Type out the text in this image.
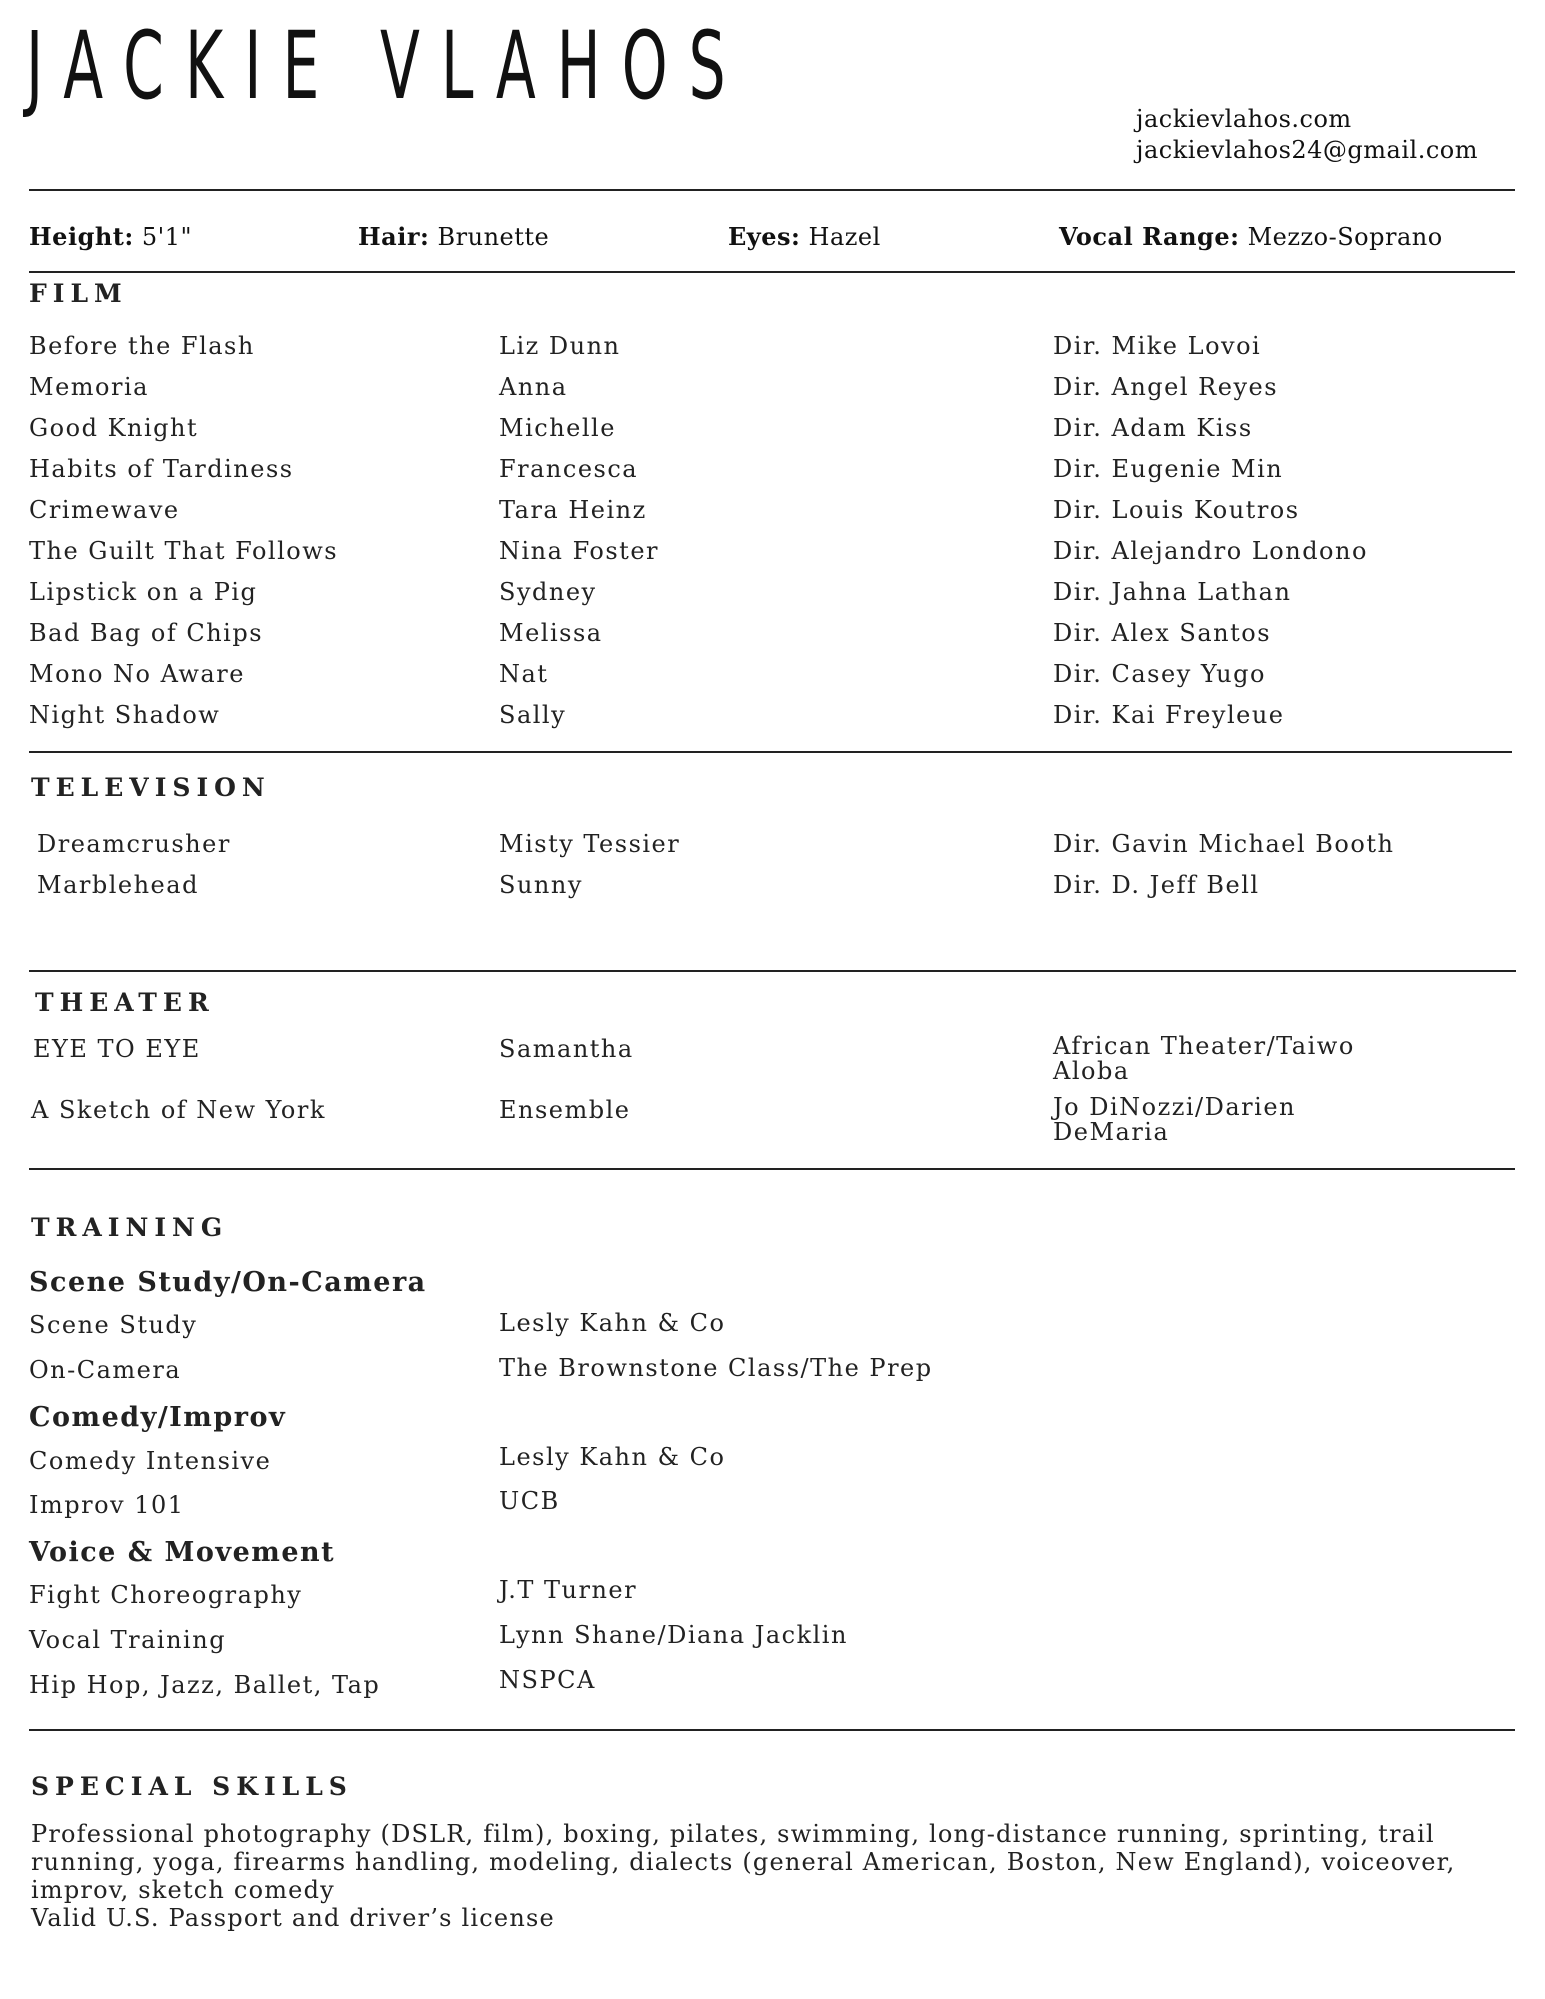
JACKIE VLAHOS	jackievlahos.com
jackievlahos24@gmail.com
Height: 5'1"	Hair: Brunette	Eyes: Hazel	Vocal Range: Mezzo-Soprano
FILM
Before the Flash	Liz Dunn	Dir. Mike Lovoi
Memoria	Anna	Dir. Angel Reyes
Good Knight	Michelle	Dir. Adam Kiss
Habits of Tardiness	Francesca	Dir. Eugenie Min
Crimewave	Tara Heinz	Dir. Louis Koutros
The Guilt That Follows	Nina Foster	Dir. Alejandro Londono
Lipstick on a Pig	Sydney	Dir. Jahna Lathan
Bad Bag of Chips	Melissa	Dir. Alex Santos
Mono No Aware	Nat	Dir. Casey Yugo
Night Shadow	Sally	Dir. Kai Freyleue
TELEVISION
Dreamcrusher	Misty Tessier	Dir. Gavin Michael Booth
Marblehead	Sunny	Dir. D. Jeff Bell
THEATER
EYE TO EYE	Samantha	African Theater/Taiwo Aloba
A Sketch of New York	Ensemble	Jo DiNozzi/Darien DeMaria
TRAINING
Scene Study/On-Camera
Scene Study	Lesly Kahn & Co
On-Camera	The Brownstone Class/The Prep
Comedy/Improv
Comedy Intensive	Lesly Kahn & Co
Improv 101	UCB
Voice & Movement
Fight Choreography	J.T Turner
Vocal Training	Lynn Shane/Diana Jacklin
Hip Hop, Jazz, Ballet, Tap	NSPCA
SPECIAL SKILLS
Professional photography (DSLR, film), boxing, pilates, swimming, long-distance running, sprinting, trail running, yoga, firearms handling, modeling, dialects (general American, Boston, New England), voiceover, improv, sketch comedy
Valid U.S. Passport and driver’s license
